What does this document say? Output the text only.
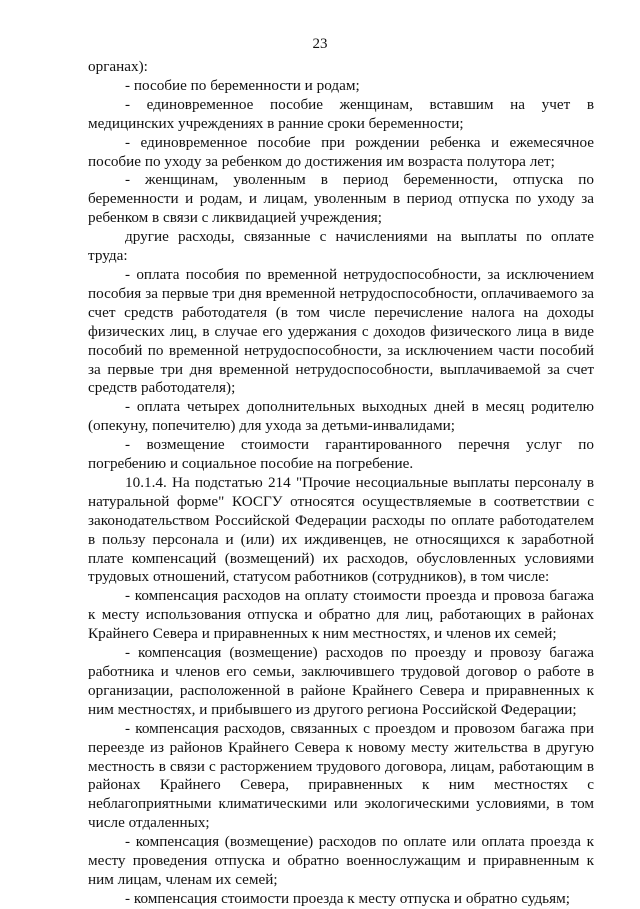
23

органах):

- пособие по беременности и родам;

- единовременное пособие женщинам, вставшим на учет в медицинских учреждениях в ранние сроки беременности;

- единовременное пособие при рождении ребенка и ежемесячное пособие по уходу за ребенком до достижения им возраста полутора лет;

- женщинам, уволенным в период беременности, отпуска по беременности и родам, и лицам, уволенным в период отпуска по уходу за ребенком в связи с ликвидацией учреждения;

другие расходы, связанные с начислениями на выплаты по оплате труда:

- оплата пособия по временной нетрудоспособности, за исключением пособия за первые три дня временной нетрудоспособности, оплачиваемого за счет средств работодателя (в том числе перечисление налога на доходы физических лиц, в случае его удержания с доходов физического лица в виде пособий по временной нетрудоспособности, за исключением части пособий за первые три дня временной нетрудоспособности, выплачиваемой за счет средств работодателя);

- оплата четырех дополнительных выходных дней в месяц родителю (опекуну, попечителю) для ухода за детьми-инвалидами;

- возмещение стоимости гарантированного перечня услуг по погребению и социальное пособие на погребение.

10.1.4. На подстатью 214 "Прочие несоциальные выплаты персоналу в натуральной форме" КОСГУ относятся осуществляемые в соответствии с законодательством Российской Федерации расходы по оплате работодателем в пользу персонала и (или) их иждивенцев, не относящихся к заработной плате компенсаций (возмещений) их расходов, обусловленных условиями трудовых отношений, статусом работников (сотрудников), в том числе:

- компенсация расходов на оплату стоимости проезда и провоза багажа к месту использования отпуска и обратно для лиц, работающих в районах Крайнего Севера и приравненных к ним местностях, и членов их семей;

- компенсация (возмещение) расходов по проезду и провозу багажа работника и членов его семьи, заключившего трудовой договор о работе в организации, расположенной в районе Крайнего Севера и приравненных к ним местностях, и прибывшего из другого региона Российской Федерации;

- компенсация расходов, связанных с проездом и провозом багажа при переезде из районов Крайнего Севера к новому месту жительства в другую местность в связи с расторжением трудового договора, лицам, работающим в районах Крайнего Севера, приравненных к ним местностях с неблагоприятными климатическими или экологическими условиями, в том числе отдаленных;

- компенсация (возмещение) расходов по оплате или оплата проезда к месту проведения отпуска и обратно военнослужащим и приравненным к ним лицам, членам их семей;

- компенсация стоимости проезда к месту отпуска и обратно судьям;
